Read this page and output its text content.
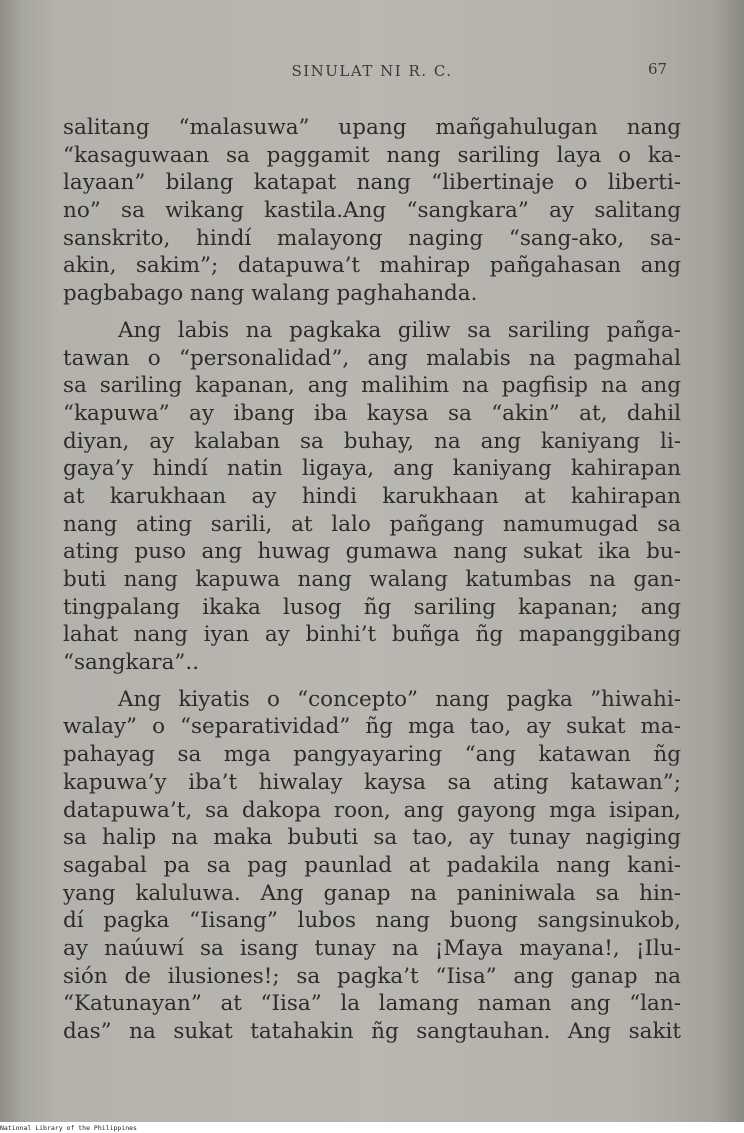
SINULAT NI R. C.	67
salitang “malasuwa” upang mañgahulugan nang
“kasaguwaan sa paggamit nang sariling laya o ka-
layaan” bilang katapat nang “libertinaje o liberti-
no” sa wikang kastila.Ang “sangkara” ay salitang
sanskrito, hindí malayong naging “sang-ako, sa-
akin, sakim”; datapuwa’t mahirap pañgahasan ang
pagbabago nang walang paghahanda.
Ang labis na pagkaka giliw sa sariling pañga-
tawan o “personalidad”, ang malabis na pagmahal
sa sariling kapanan, ang malihim na pagfisip na ang
“kapuwa” ay ibang iba kaysa sa “akin” at, dahil
diyan, ay kalaban sa buhay, na ang kaniyang li-
gaya’y hindí natin ligaya, ang kaniyang kahirapan
at karukhaan ay hindi karukhaan at kahirapan
nang ating sarili, at lalo pañgang namumugad sa
ating puso ang huwag gumawa nang sukat ika bu-
buti nang kapuwa nang walang katumbas na gan-
tingpalang ikaka lusog ñg sariling kapanan; ang
lahat nang iyan ay binhi’t buñga ñg mapanggibang
“sangkara”..
Ang kiyatis o “concepto” nang pagka ”hiwahi-
walay” o “separatividad” ñg mga tao, ay sukat ma-
pahayag sa mga pangyayaring “ang katawan ñg
kapuwa’y iba’t hiwalay kaysa sa ating katawan”;
datapuwa’t, sa dakopa roon, ang gayong mga isipan,
sa halip na maka bubuti sa tao, ay tunay nagiging
sagabal pa sa pag paunlad at padakila nang kani-
yang kaluluwa. Ang ganap na paniniwala sa hin-
dí pagka “Iisang” lubos nang buong sangsinukob,
ay naúuwí sa isang tunay na ¡Maya mayana!, ¡Ilu-
sión de ilusiones!; sa pagka’t “Iisa” ang ganap na
“Katunayan” at “Iisa” la lamang naman ang “lan-
das” na sukat tatahakin ñg sangtauhan. Ang sakit
National Library of the Philippines
